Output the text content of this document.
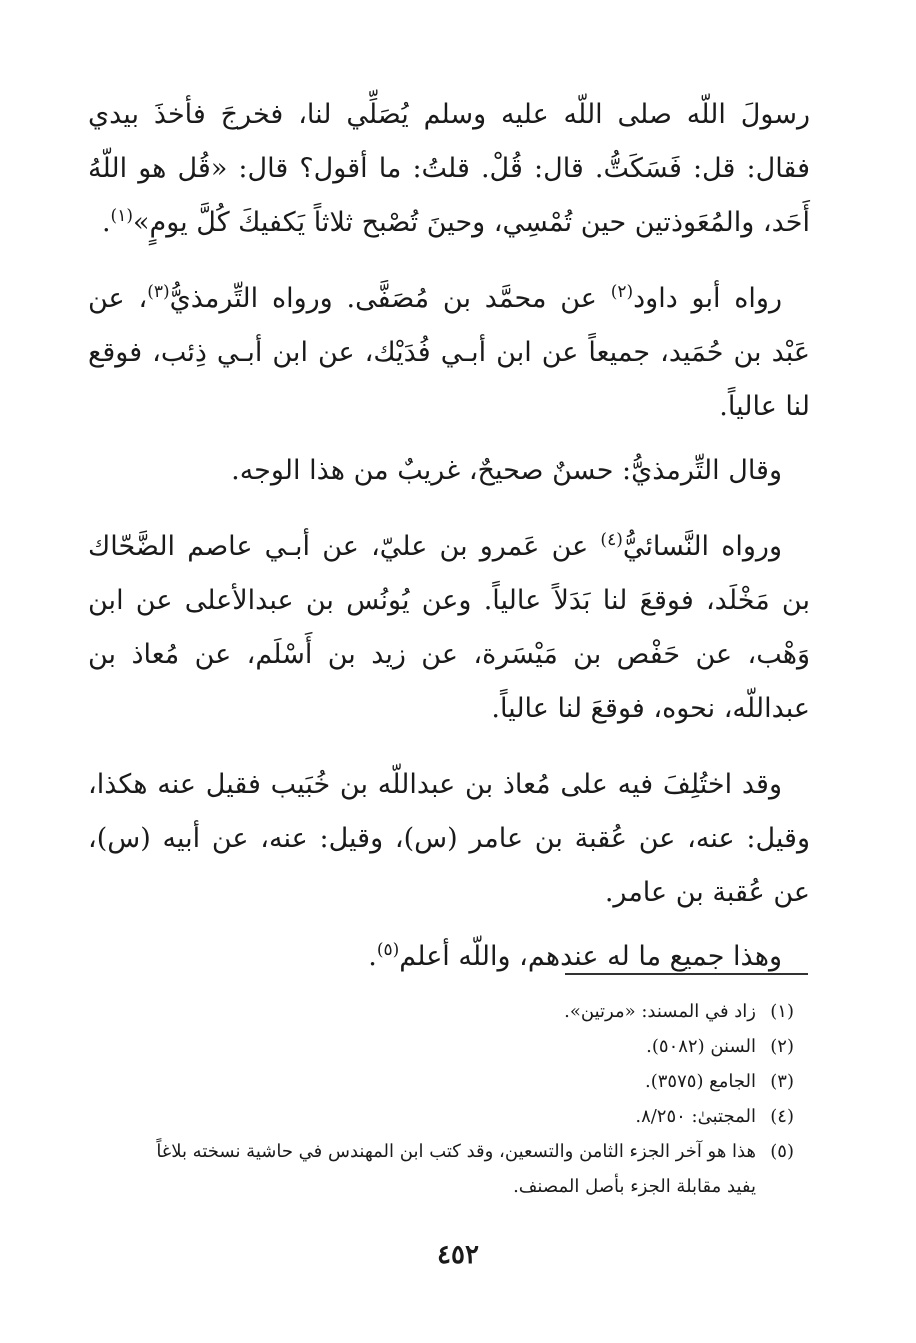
رسولَ اللّه صلى اللّه عليه وسلم يُصَلِّي لنا، فخرجَ فأخذَ بيدي فقال: قل: فَسَكَتُّ. قال: قُلْ. قلتُ: ما أقول؟ قال: «قُل هو اللّهُ أَحَد، والمُعَوذتين حين تُمْسِي، وحينَ تُصْبح ثلاثاً يَكفيكَ كُلَّ يومٍ»$^{(١)}$.

رواه أبو داود$^{(٢)}$ عن محمَّد بن مُصَفَّى. ورواه التِّرمذيُّ$^{(٣)}$، عن عَبْد بن حُمَيد، جميعاً عن ابن أبـي فُدَيْك، عن ابن أبـي ذِئب، فوقع لنا عالياً.

وقال التِّرمذيُّ: حسنٌ صحيحٌ، غريبٌ من هذا الوجه.

ورواه النَّسائيُّ$^{(٤)}$ عن عَمرو بن عليّ، عن أبـي عاصم الضَّحّاك بن مَخْلَد، فوقعَ لنا بَدَلاً عالياً. وعن يُونُس بن عبدالأعلى عن ابن وَهْب، عن حَفْص بن مَيْسَرة، عن زيد بن أَسْلَم، عن مُعاذ بن عبداللّه، نحوه، فوقعَ لنا عالياً.

وقد اختُلِفَ فيه على مُعاذ بن عبداللّه بن خُبَيب فقيل عنه هكذا، وقيل: عنه، عن عُقبة بن عامر (س)، وقيل: عنه، عن أبيه (س)، عن عُقبة بن عامر.

وهذا جميع ما له عندهم، واللّه أعلم$^{(٥)}$.

(١)زاد في المسند: «مرتين».

(٢)السنن (٥٠٨٢).

(٣)الجامع (٣٥٧٥).

(٤)المجتبىٰ: ٨/٢٥٠.

(٥)هذا هو آخر الجزء الثامن والتسعين، وقد كتب ابن المهندس في حاشية نسخته بلاغاً
يفيد مقابلة الجزء بأصل المصنف.

٤٥٢
